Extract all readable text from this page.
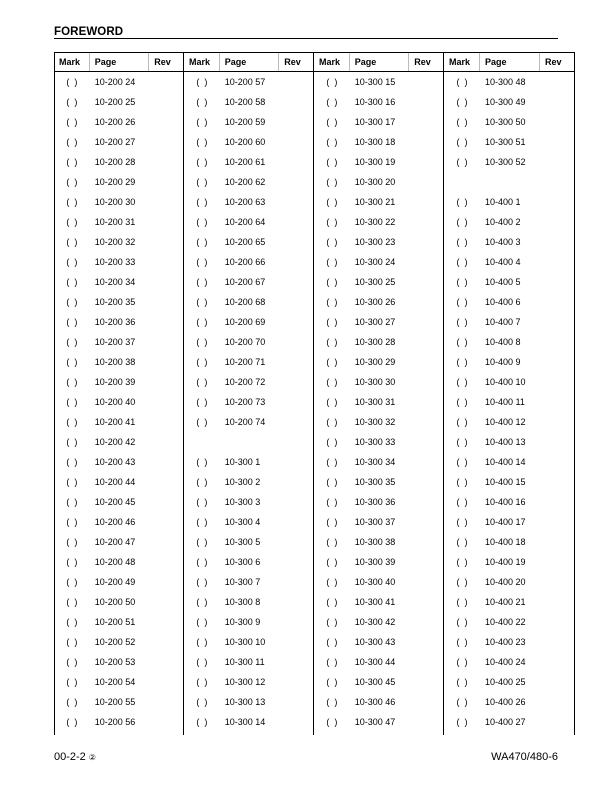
FOREWORD
Mark	Page	Rev
(  )	10-200 24
(  )	10-200 25
(  )	10-200 26
(  )	10-200 27
(  )	10-200 28
(  )	10-200 29
(  )	10-200 30
(  )	10-200 31
(  )	10-200 32
(  )	10-200 33
(  )	10-200 34
(  )	10-200 35
(  )	10-200 36
(  )	10-200 37
(  )	10-200 38
(  )	10-200 39
(  )	10-200 40
(  )	10-200 41
(  )	10-200 42
(  )	10-200 43
(  )	10-200 44
(  )	10-200 45
(  )	10-200 46
(  )	10-200 47
(  )	10-200 48
(  )	10-200 49
(  )	10-200 50
(  )	10-200 51
(  )	10-200 52
(  )	10-200 53
(  )	10-200 54
(  )	10-200 55
(  )	10-200 56
Mark	Page	Rev
(  )	10-200 57
(  )	10-200 58
(  )	10-200 59
(  )	10-200 60
(  )	10-200 61
(  )	10-200 62
(  )	10-200 63
(  )	10-200 64
(  )	10-200 65
(  )	10-200 66
(  )	10-200 67
(  )	10-200 68
(  )	10-200 69
(  )	10-200 70
(  )	10-200 71
(  )	10-200 72
(  )	10-200 73
(  )	10-200 74
(  )	10-300 1
(  )	10-300 2
(  )	10-300 3
(  )	10-300 4
(  )	10-300 5
(  )	10-300 6
(  )	10-300 7
(  )	10-300 8
(  )	10-300 9
(  )	10-300 10
(  )	10-300 11
(  )	10-300 12
(  )	10-300 13
(  )	10-300 14
Mark	Page	Rev
(  )	10-300 15
(  )	10-300 16
(  )	10-300 17
(  )	10-300 18
(  )	10-300 19
(  )	10-300 20
(  )	10-300 21
(  )	10-300 22
(  )	10-300 23
(  )	10-300 24
(  )	10-300 25
(  )	10-300 26
(  )	10-300 27
(  )	10-300 28
(  )	10-300 29
(  )	10-300 30
(  )	10-300 31
(  )	10-300 32
(  )	10-300 33
(  )	10-300 34
(  )	10-300 35
(  )	10-300 36
(  )	10-300 37
(  )	10-300 38
(  )	10-300 39
(  )	10-300 40
(  )	10-300 41
(  )	10-300 42
(  )	10-300 43
(  )	10-300 44
(  )	10-300 45
(  )	10-300 46
(  )	10-300 47
Mark	Page	Rev
(  )	10-300 48
(  )	10-300 49
(  )	10-300 50
(  )	10-300 51
(  )	10-300 52
(  )	10-400 1
(  )	10-400 2
(  )	10-400 3
(  )	10-400 4
(  )	10-400 5
(  )	10-400 6
(  )	10-400 7
(  )	10-400 8
(  )	10-400 9
(  )	10-400 10
(  )	10-400 11
(  )	10-400 12
(  )	10-400 13
(  )	10-400 14
(  )	10-400 15
(  )	10-400 16
(  )	10-400 17
(  )	10-400 18
(  )	10-400 19
(  )	10-400 20
(  )	10-400 21
(  )	10-400 22
(  )	10-400 23
(  )	10-400 24
(  )	10-400 25
(  )	10-400 26
(  )	10-400 27
00-2-2 ②	WA470/480-6
